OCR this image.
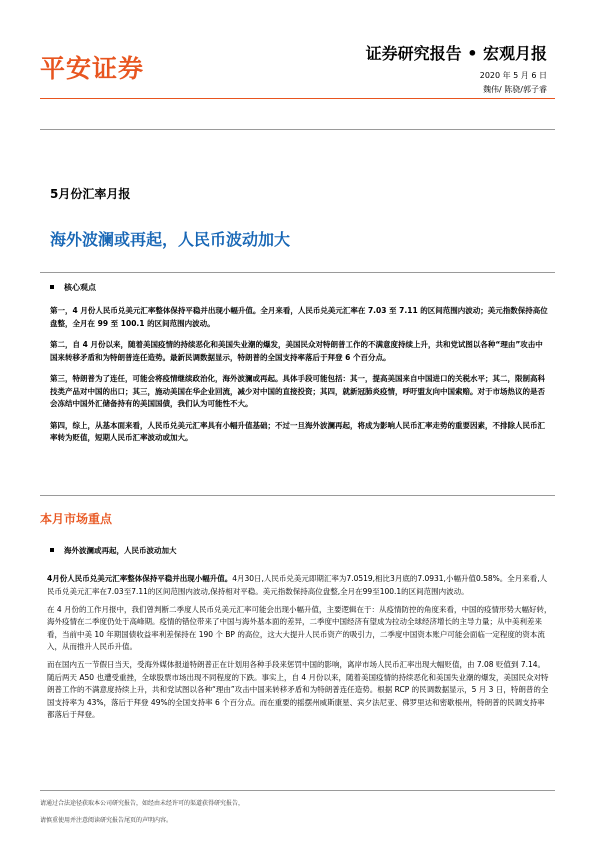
平安证券
证券研究报告 • 宏观月报
2020 年 5 月 6 日
魏伟/ 陈骁/郭子睿
5月份汇率月报
海外波澜或再起，人民币波动加大
核心观点

第一，4 月份人民币兑美元汇率整体保持平稳并出现小幅升值。全月来看，人民币兑美元汇率在 7.03 至 7.11 的区间范围内波动；美元指数保持高位盘整，全月在 99 至 100.1 的区间范围内波动。

第二，自 4 月份以来，随着美国疫情的持续恶化和美国失业潮的爆发，美国民众对特朗普工作的不满意度持续上升，共和党试图以各种“理由”攻击中国来转移矛盾和为特朗普连任造势。最新民调数据显示，特朗普的全国支持率落后于拜登 6 个百分点。

第三，特朗普为了连任，可能会将疫情继续政治化，海外波澜或再起。具体手段可能包括：其一，提高美国来自中国进口的关税水平；其二，限制高科技类产品对中国的出口；其三，施动美国在华企业回流，减少对中国的直接投资；其四，就新冠肺炎疫情，呼吁盟友向中国索赔。对于市场热议的是否会冻结中国外汇储备持有的美国国债，我们认为可能性不大。

第四，综上，从基本面来看，人民币兑美元汇率具有小幅升值基础；不过一旦海外波澜再起，将成为影响人民币汇率走势的重要因素，不排除人民币汇率转为贬值，短期人民币汇率波动或加大。

本月市场重点
海外波澜或再起，人民币波动加大

4月份人民币兑美元汇率整体保持平稳并出现小幅升值。4月30日,人民币兑美元即期汇率为7.0519,相比3月底的7.0931,小幅升值0.58%。全月来看,人民币兑美元汇率在7.03至7.11的区间范围内波动,保持相对平稳。美元指数保持高位盘整,全月在99至100.1的区间范围内波动。

在 4 月份的工作月报中，我们曾判断二季度人民币兑美元汇率可能会出现小幅升值，主要逻辑在于：从疫情防控的角度来看，中国的疫情形势大幅好转，海外疫情在二季度仍处于高峰期。疫情的错位带来了中国与海外基本面的差异，二季度中国经济有望成为拉动全球经济增长的主导力量；从中美利差来看，当前中美 10 年期国债收益率利差保持在 190 个 BP 的高位，这大大提升人民币资产的吸引力，二季度中国资本账户可能会面临一定程度的资本流入，从而推升人民币升值。

而在国内五一节假日当天，受海外媒体报道特朗普正在计划用各种手段来惩罚中国的影响，离岸市场人民币汇率出现大幅贬值，由 7.08 贬值到 7.14。随后两天 A50 也遭受重挫，全球股票市场出现不同程度的下跌。事实上，自 4 月份以来，随着美国疫情的持续恶化和美国失业潮的爆发，美国民众对特朗普工作的不满意度持续上升，共和党试图以各种“理由”攻击中国来转移矛盾和为特朗普连任造势。根据 RCP 的民调数据显示，5 月 3 日，特朗普的全国支持率为 43%，落后于拜登 49%的全国支持率 6 个百分点。而在重要的摇摆州威斯康星、宾夕法尼亚、佛罗里达和密歇根州，特朗普的民调支持率都落后于拜登。

请通过合法途径获取本公司研究报告，如经由未经许可的渠道获得研究报告，
请慎重使用并注意阅读研究报告尾页的声明内容。
